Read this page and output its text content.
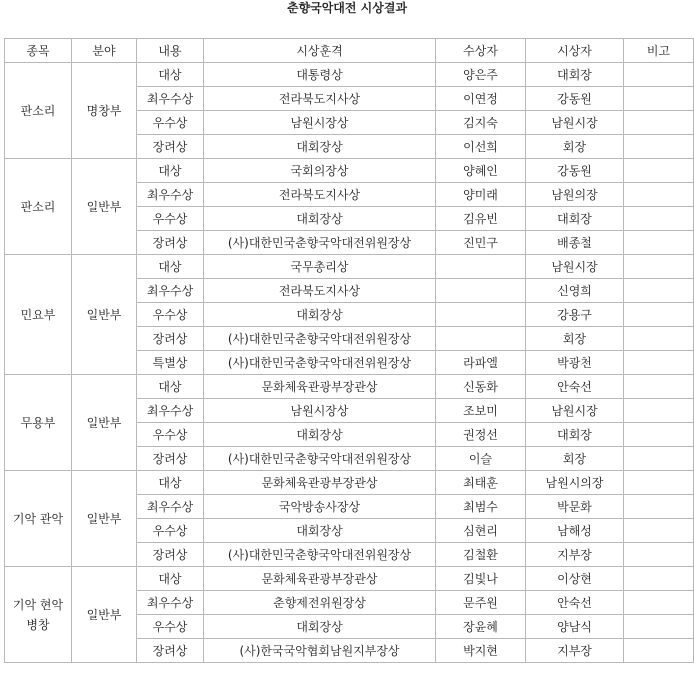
춘향국악대전 시상결과
종목	분야	내용	시상훈격	수상자	시상자	비고
판소리	명창부	대상	대통령상	양은주	대회장	
		최우수상	전라북도지사상	이연정	강동원	
		우수상	남원시장상	김지숙	남원시장	
		장려상	대회장상	이선희	회장	
판소리	일반부	대상	국회의장상	양혜인	강동원	
		최우수상	전라북도지사상	양미래	남원의장	
		우수상	대회장상	김유빈	대회장	
		장려상	(사)대한민국춘향국악대전위원장상	진민구	배종철	
민요부	일반부	대상	국무총리상		남원시장	
		최우수상	전라북도지사상		신영희	
		우수상	대회장상		강용구	
		장려상	(사)대한민국춘향국악대전위원장상		회장	
		특별상	(사)대한민국춘향국악대전위원장상	라파엘	박광천	
무용부	일반부	대상	문화체육관광부장관상	신동화	안숙선	
		최우수상	남원시장상	조보미	남원시장	
		우수상	대회장상	권정선	대회장	
		장려상	(사)대한민국춘향국악대전위원장상	이슬	회장	
기악 관악	일반부	대상	문화체육관광부장관상	최태훈	남원시의장	
		최우수상	국악방송사장상	최범수	박문화	
		우수상	대회장상	심현리	남해성	
		장려상	(사)대한민국춘향국악대전위원장상	김철환	지부장	
기악 현악 병창	일반부	대상	문화체육관광부장관상	김빛나	이상현	
		최우수상	춘향제전위원장상	문주원	안숙선	
		우수상	대회장상	장윤혜	양남식	
		장려상	(사)한국국악협회남원지부장상	박지현	지부장	
